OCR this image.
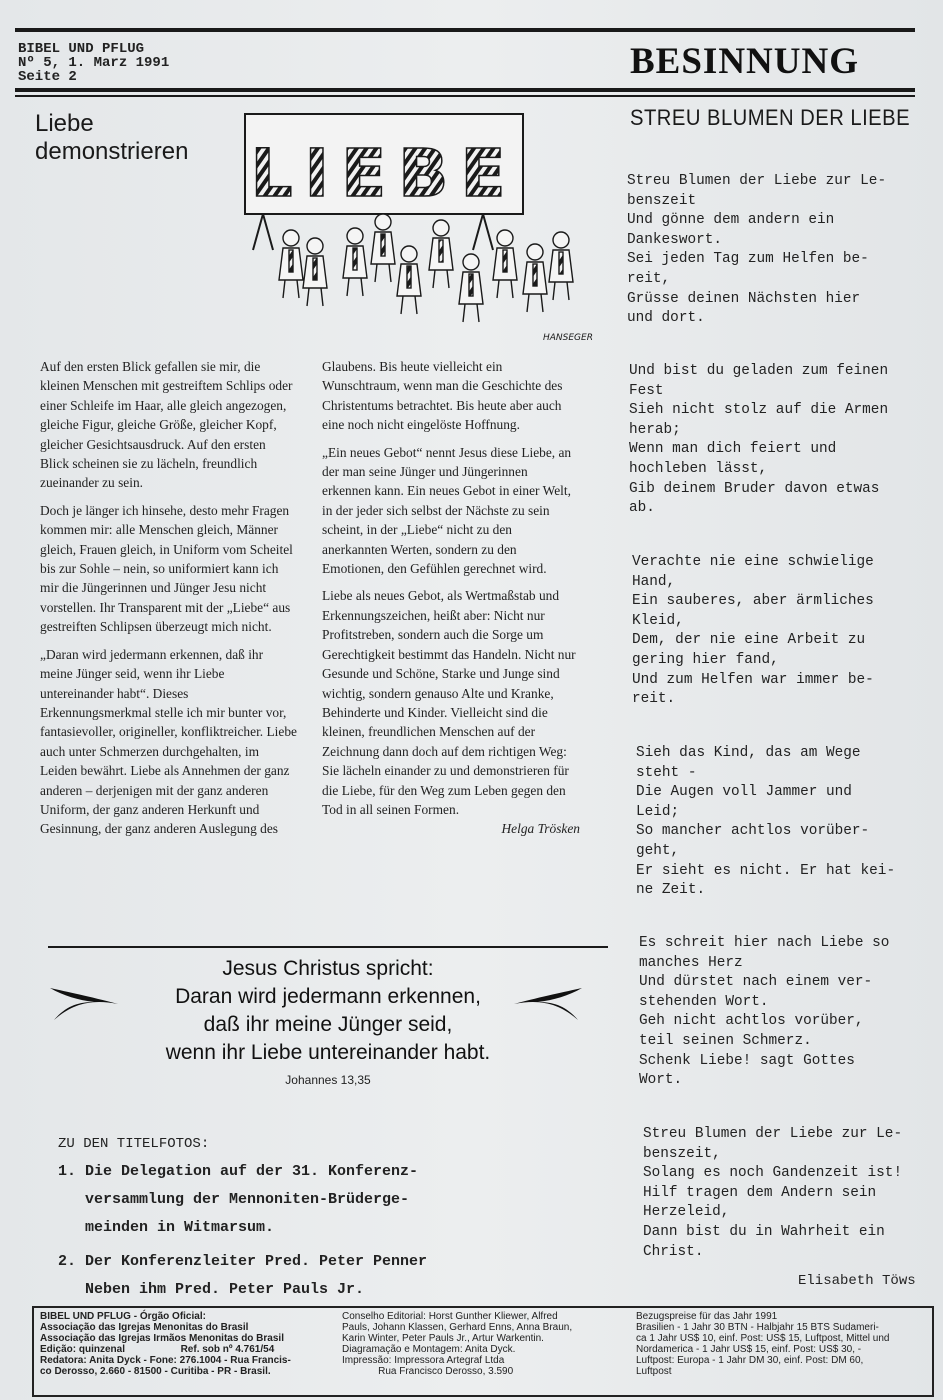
BIBEL UND PFLUG
Nº 5, 1. Marz 1991
Seite 2	BESINNUNG
Liebe
demonstrieren LIEBE
HANSEGER

Auf den ersten Blick gefallen sie mir, die kleinen Menschen mit gestreiftem Schlips oder einer Schleife im Haar, alle gleich angezogen, gleiche Figur, gleiche Größe, gleicher Kopf, gleicher Gesichtsausdruck. Auf den ersten Blick scheinen sie zu lächeln, freundlich zueinander zu sein.

Doch je länger ich hinsehe, desto mehr Fragen kommen mir: alle Menschen gleich, Männer gleich, Frauen gleich, in Uniform vom Scheitel bis zur Sohle – nein, so uniformiert kann ich mir die Jüngerinnen und Jünger Jesu nicht vorstellen. Ihr Transparent mit der „Liebe“ aus gestreiften Schlipsen überzeugt mich nicht.

„Daran wird jedermann erkennen, daß ihr meine Jünger seid, wenn ihr Liebe untereinander habt“. Dieses Erkennungsmerkmal stelle ich mir bunter vor, fantasievoller, origineller, konfliktreicher. Liebe auch unter Schmerzen durchgehalten, im Leiden bewährt. Liebe als Annehmen der ganz anderen – derjenigen mit der ganz anderen Uniform, der ganz anderen Herkunft und Gesinnung, der ganz anderen Auslegung des

Glaubens. Bis heute vielleicht ein Wunschtraum, wenn man die Geschichte des Christentums betrachtet. Bis heute aber auch eine noch nicht eingelöste Hoffnung.

„Ein neues Gebot“ nennt Jesus diese Liebe, an der man seine Jünger und Jüngerinnen erkennen kann. Ein neues Gebot in einer Welt, in der jeder sich selbst der Nächste zu sein scheint, in der „Liebe“ nicht zu den anerkannten Werten, sondern zu den Emotionen, den Gefühlen gerechnet wird.

Liebe als neues Gebot, als Wertmaßstab und Erkennungszeichen, heißt aber: Nicht nur Profitstreben, sondern auch die Sorge um Gerechtigkeit bestimmt das Handeln. Nicht nur Gesunde und Schöne, Starke und Junge sind wichtig, sondern genauso Alte und Kranke, Behinderte und Kinder. Vielleicht sind die kleinen, freundlichen Menschen auf der Zeichnung dann doch auf dem richtigen Weg: Sie lächeln einander zu und demonstrieren für die Liebe, für den Weg zum Leben gegen den Tod in all seinen Formen.

Helga Trösken
Jesus Christus spricht:
Daran wird jedermann erkennen,
daß ihr meine Jünger seid,
wenn ihr Liebe untereinander habt.
Johannes 13,35
ZU DEN TITELFOTOS:
1. Die Delegation auf der 31. Konferenz-
versammlung der Mennoniten-Brüderge-
meinden in Witmarsum.
2. Der Konferenzleiter Pred. Peter Penner
Neben ihm Pred. Peter Pauls Jr.
STREU BLUMEN DER LIEBE
Streu Blumen der Liebe zur Le-
benszeit
Und gönne dem andern ein
Dankeswort.
Sei jeden Tag zum Helfen be-
reit,
Grüsse deinen Nächsten hier
und dort.
Und bist du geladen zum feinen
Fest
Sieh nicht stolz auf die Armen
herab;
Wenn man dich feiert und
hochleben lässt,
Gib deinem Bruder davon etwas
ab.
Verachte nie eine schwielige
Hand,
Ein sauberes, aber ärmliches
Kleid,
Dem, der nie eine Arbeit zu
gering hier fand,
Und zum Helfen war immer be-
reit.
Sieh das Kind, das am Wege
steht -
Die Augen voll Jammer und
Leid;
So mancher achtlos vorüber-
geht,
Er sieht es nicht. Er hat kei-
ne Zeit.
Es schreit hier nach Liebe so
manches Herz
Und dürstet nach einem ver-
stehenden Wort.
Geh nicht achtlos vorüber,
teil seinen Schmerz.
Schenk Liebe! sagt Gottes
Wort.
Streu Blumen der Liebe zur Le-
benszeit,
Solang es noch Gandenzeit ist!
Hilf tragen dem Andern sein
Herzeleid,
Dann bist du in Wahrheit ein
Christ.
Elisabeth Töws
BIBEL UND PFLUG - Órgão Oficial:
Associação das Igrejas Menonitas do Brasil
Associação das Igrejas Irmãos Menonitas do Brasil
Edição: quinzenal                    Ref. sob nº 4.761/54
Redatora: Anita Dyck - Fone: 276.1004 - Rua Francis-
co Derosso, 2.660 - 81500 - Curitiba - PR - Brasil.
Conselho Editorial: Horst Gunther Kliewer, Alfred
Pauls, Johann Klassen, Gerhard Enns, Anna Braun,
Karin Winter, Peter Pauls Jr., Artur Warkentin.
Diagramação e Montagem: Anita Dyck.
Impressão: Impressora Artegraf Ltda
Rua Francisco Derosso, 3.590
Bezugspreise für das Jahr 1991
Brasilien - 1 Jahr 30 BTN - Halbjahr 15 BTS Sudameri-
ca 1 Jahr US$ 10, einf. Post: US$ 15, Luftpost, Mittel und
Nordamerica - 1 Jahr US$ 15, einf. Post: US$ 30, -
Luftpost: Europa - 1 Jahr DM 30, einf. Post: DM 60,
Luftpost
